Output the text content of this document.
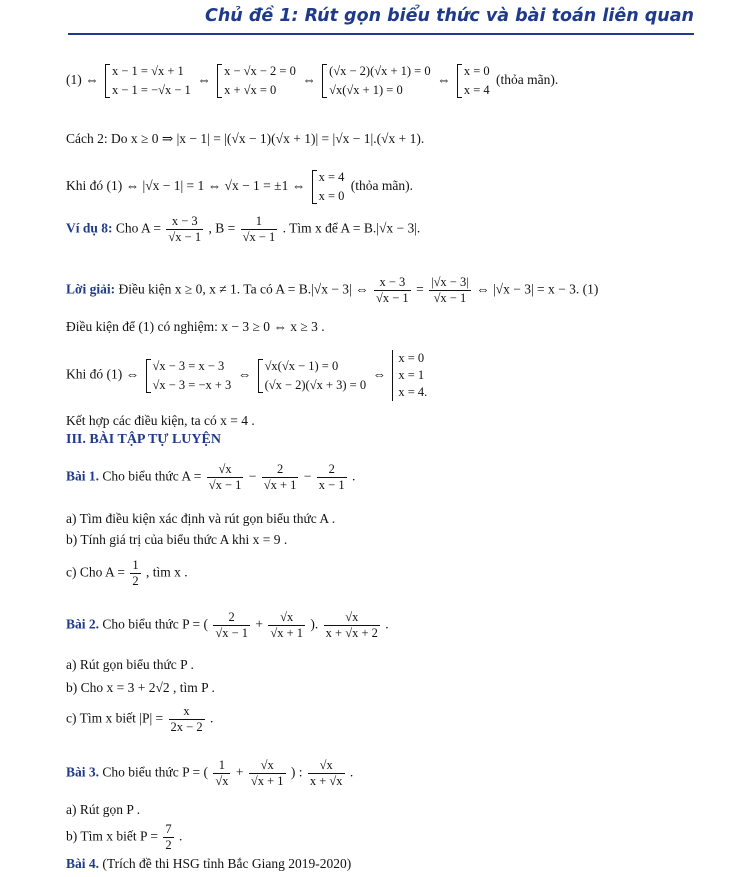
Chủ đề 1: Rút gọn biểu thức và bài toán liên quan
(1) ⇔
x − 1 = √x + 1
x − 1 = −√x − 1
⇔
x − √x − 2 = 0
x + √x = 0
⇔
(√x − 2)(√x + 1) = 0
√x(√x + 1) = 0
⇔
x = 0
x = 4
(thỏa mãn).
Cách 2: Do x ≥ 0 ⇒ |x − 1| = |(√x − 1)(√x + 1)| = |√x − 1|.(√x + 1).
Khi đó (1) ⇔ |√x − 1| = 1 ⇔ √x − 1 = ±1 ⇔
x = 4
x = 0
(thỏa mãn).
Ví dụ 8: Cho $A = \frac{x - 3}{√x - 1}$ , $B = \frac{1}{√x - 1}$ . Tìm x để A = B.|√x − 3|.
Lời giải: Điều kiện x ≥ 0, x ≠ 1. Ta có A = B.|√x − 3| ⇔ $\frac{x - 3}{√x - 1} = \frac{|√x - 3|}{√x - 1}$ ⇔ |√x − 3| = x − 3. (1)
Điều kiện để (1) có nghiệm: x − 3 ≥ 0 ⇔ x ≥ 3 .
Khi đó (1) ⇔
√x − 3 = x − 3
√x − 3 = −x + 3
⇔
√x(√x − 1) = 0
(√x − 2)(√x + 3) = 0
⇔
x = 0
x = 1
x = 4.
Kết hợp các điều kiện, ta có x = 4 .
III. BÀI TẬP TỰ LUYỆN
Bài 1. Cho biểu thức $A = \frac{√x}{√x - 1} - \frac{2}{√x + 1} - \frac{2}{x - 1}$ .
a) Tìm điều kiện xác định và rút gọn biểu thức A .
b) Tính giá trị của biểu thức A khi x = 9 .
c) Cho $A = \frac{1}{2}$ , tìm x .
Bài 2. Cho biểu thức P = ( $\frac{2}{√x - 1} + \frac{√x}{√x + 1}$ ). $\frac{√x}{x + √x + 2}$ .
a) Rút gọn biểu thức P .
b) Cho x = 3 + 2√2 , tìm P .
c) Tìm x biết $|P| = \frac{x}{2x - 2}$ .
Bài 3. Cho biểu thức P = ( $\frac{1}{√x} + \frac{√x}{√x + 1}$ ) : $\frac{√x}{x + √x}$ .
a) Rút gọn P .
b) Tìm x biết $P = \frac{7}{2}$ .
Bài 4. (Trích đề thi HSG tỉnh Bắc Giang 2019-2020)
